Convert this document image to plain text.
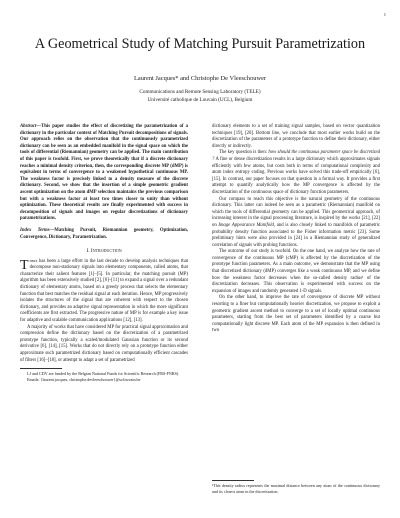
1
A Geometrical Study of Matching Pursuit Parametrization
Laurent Jacques* and Christophe De Vleeschouwer
Communications and Remote Sensing Laboratory (TELE)
Université catholique de Louvain (UCL), Belgium

Abstract—This paper studies the effect of discretizing the parametrization of a dictionary in the particular context of Matching Pursuit decompositions of signals. Our approach relies on the observation that the continuously parametrized dictionary can be seen as an embedded manifold in the signal space on which the tools of differential (Riemannian) geometry can be applied. The main contribution of this paper is twofold. First, we prove theoretically that if a discrete dictionary reaches a minimal density criterion, then, the corresponding discrete MP (dMP) is equivalent in terms of convergence to a weakened hypothetical continuous MP. The weakness factor is precisely linked to a density measure of the discrete dictionary. Second, we show that the insertion of a simple geometric gradient ascent optimization on the atom dMP selection maintains the previous comparison but with a weakness factor at least two times closer to unity than without optimization. These theoretical results are finally experimented with success in decomposition of signals and images on regular discretizations of dictionary parametrizations.

Index Terms—Matching Pursuit, Riemannian geometry, Optimization, Convergence, Dictionary, Parametrization.

I. Introduction

There has been a large effort in the last decade to develop analysis techniques that decompose non-stationary signals into elementary components, called atoms, that characterize their salient features [1]–[5]. In particular, the matching pursuit (MP) algorithm has been extensively studied [2], [6]–[11] to expand a signal over a redundant dictionary of elementary atoms, based on a greedy process that selects the elementary function that best matches the residual signal at each iteration. Hence, MP progressively isolates the structures of the signal that are coherent with respect to the chosen dictionary, and provides an adaptive signal representation in which the more significant coefficients are first extracted. The progressive nature of MP is for example a key issue for adaptive and scalable communication applications [12], [13].

A majority of works that have considered MP for practical signal approximation and compression define the dictionary based on the discretization of a parametrized prototype function, typically a scaled/modulated Gaussian function or its second derivative [6], [14], [15]. Works that do not directly rely on a prototype function either approximate such parametrized dictionary based on computationally efficient cascades of filters [16]–[18], or attempt to adapt a set of parametrized

LJ and CDV are funded by the Belgian National Funds for Scientific Research (FRS-FNRS).

Emails: {laurent.jacques, christophe.devleeschouwer}@uclouvain.be

dictionary elements to a set of training signal samples, based on vector quantization techniques [19], [20]. Bottom line, we conclude that most earlier works build on the discretization of the parameters of a prototype function to define their dictionary, either directly or indirectly.

The key question is then: how should the continuous parameter space be discretized ? A fine or dense discretization results in a large dictionary which approximates signals efficiently with few atoms, but costs both in terms of computational complexity and atom index entropy coding. Previous works have solved this trade-off empirically [6], [15]. In contrast, our paper focuses on that question in a formal way. It provides a first attempt to quantify analytically how the MP convergence is affected by the discretization of the continuous space of dictionary function parameters.

Our compass to reach this objective is the natural geometry of the continuous dictionary. This latter can indeed be seen as a parametric (Riemannian) manifold on which the tools of differential geometry can be applied. This geometrical approach, of increasing interest in the signal processing literature, is inspired by the works [21], [22] on Image Appearance Manifold, and is also closely linked to manifolds of parametric probability density function associated to the Fisher information metric [23]. Some preliminary hints were also provided in [24] in a Riemannian study of generalized correlation of signals with probing functions.

The outcome of our study is twofold. On the one hand, we analyze how the rate of convergence of the continuous MP (cMP) is affected by the discretization of the prototype function parameters. As a main outcome, we demonstrate that the MP using that discretized dictionary (dMP) converges like a weak continuous MP, and we define how the weakness factor decreases when the so-called density radius¹ of the discretization decreases. This observation is experimented with success on the expansion of images and randomly generated 1-D signals.

On the other hand, to improve the rate of convergence of discrete MP without resorting to a finer but computationally heavier discretization, we propose to exploit a geometric gradient ascent method to converge to a set of locally optimal continuous parameters, starting from the best set of parameters identified by a coarse but computationally light discrete MP. Each atom of the MP expansion is then defined in two

¹This density radius represents the maximal distance between any atom of the continuous dictionary and its closest atom in the discretization.
